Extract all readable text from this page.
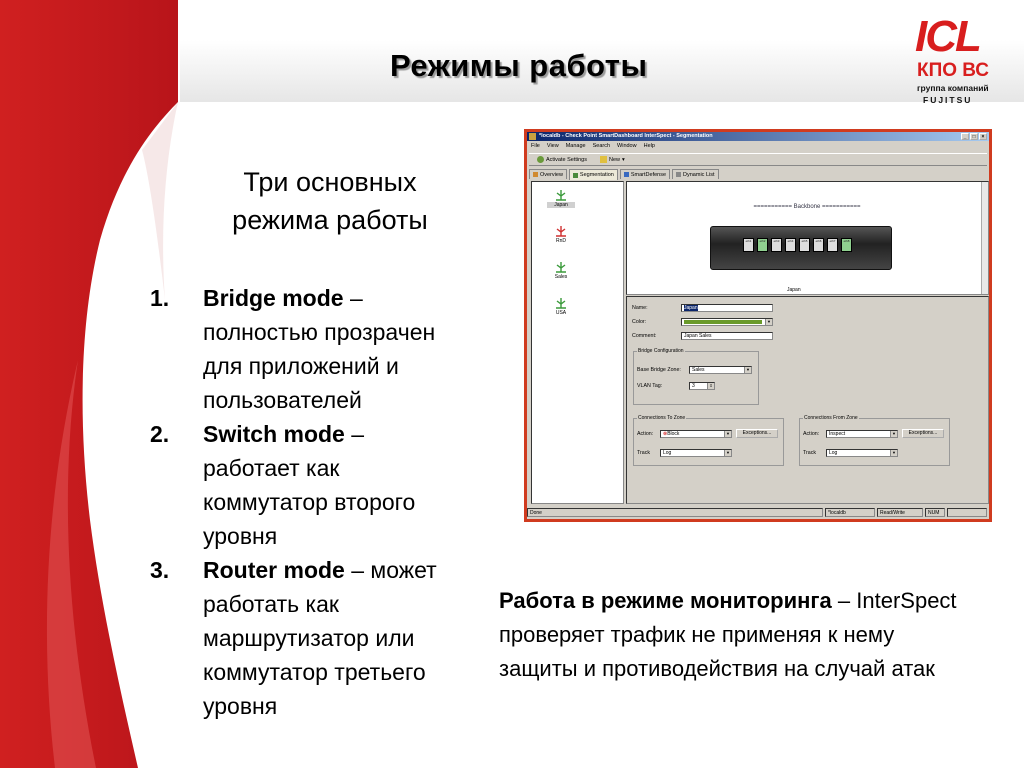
Режимы работы
ICL
КПО ВС
группа компаний
FUJITSU
Три основных
режима работы
1. Bridge mode –
полностью прозрачен
для приложений и
пользователей
2. Switch mode –
работает как
коммутатор второго
уровня
3. Router mode – может
работать как
маршрутизатор или
коммутатор третьего
уровня
Работа в режиме мониторинга – InterSpect проверяет трафик не применяя к нему защиты и противодействия на случай атак
*localdb - Check Point SmartDashboard InterSpect - Segmentation	_	□	×
File View Manage Search Window Help
Activate Settings	New ▾
Overview	Segmentation	SmartDefense	Dynamic List
Japan
RnD
Sales
USA
=========== Backbone ===========
eth1	eth2	eth3	eth4	eth5	eth6	eth7	eth8
Japan
Name:	Japan
Color:	▼
Comment:	Japan Sales
Bridge Configuration
Base Bridge Zone:	Sales	▼
VLAN Tag:	3	⇕
Connections To Zone
Action:	⊗Block	▼	Exceptions...
Track	Log	▼
Connections From Zone
Action:	Inspect	▼	Exceptions...
Track	Log	▼
Done	*localdb	Read/Write	NUM
